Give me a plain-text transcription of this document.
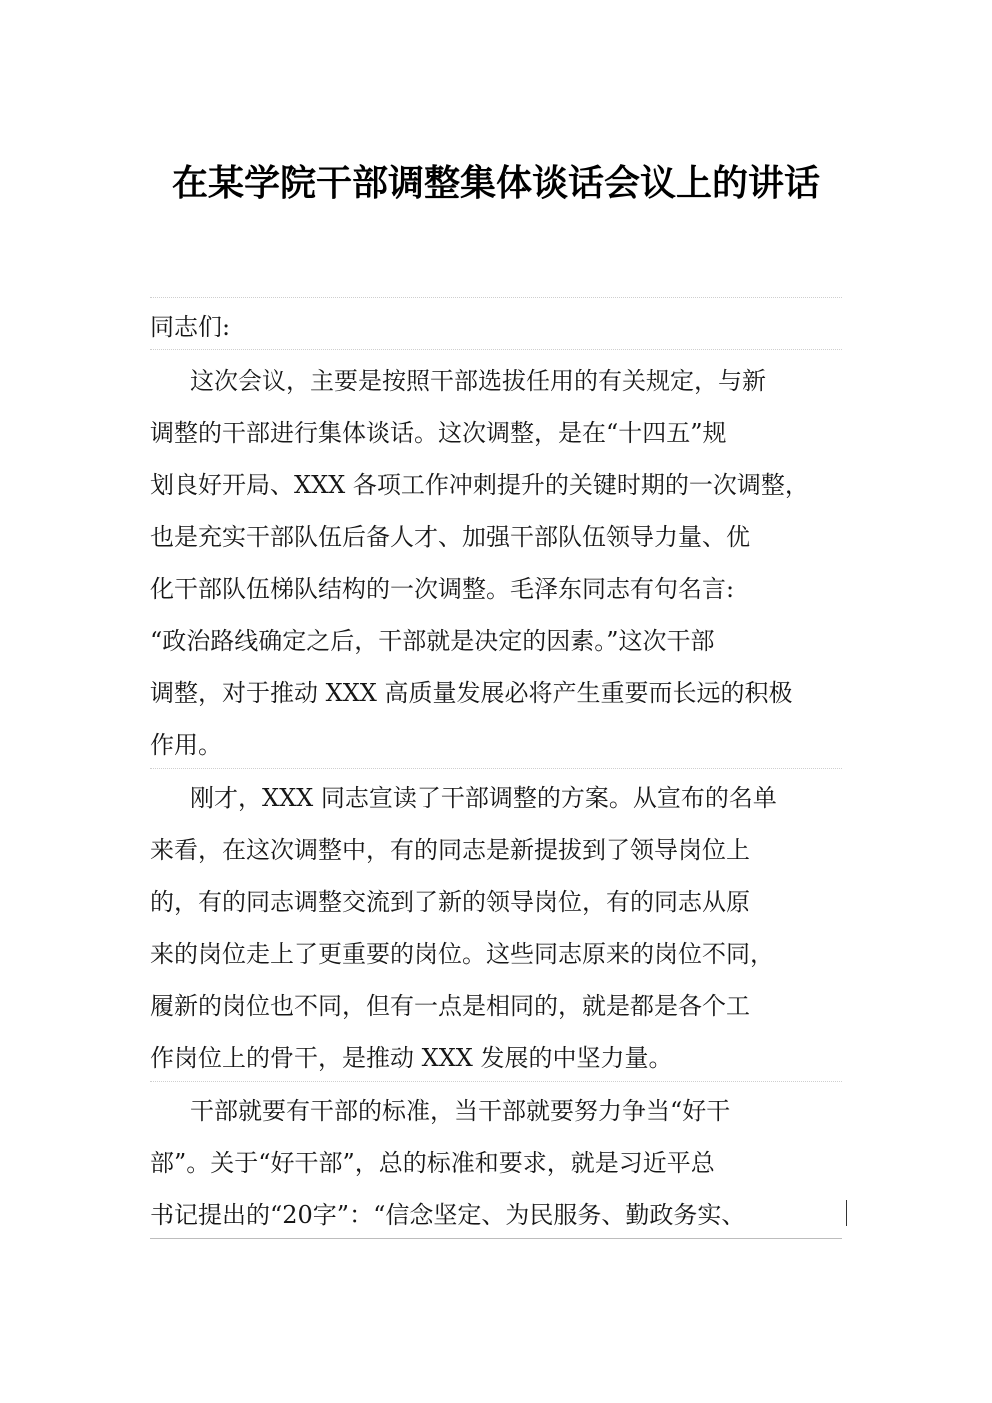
在某学院干部调整集体谈话会议上的讲话
同志们:
这次会议，主要是按照干部选拔任用的有关规定，与新
调整的干部进行集体谈话。这次调整，是在“十四五”规
划良好开局、XXX 各项工作冲刺提升的关键时期的一次调整，
也是充实干部队伍后备人才、加强干部队伍领导力量、优
化干部队伍梯队结构的一次调整。毛泽东同志有句名言:
“政治路线确定之后，干部就是决定的因素。”这次干部
调整，对于推动 XXX 高质量发展必将产生重要而长远的积极
作用。
刚才，XXX 同志宣读了干部调整的方案。从宣布的名单
来看，在这次调整中，有的同志是新提拔到了领导岗位上
的，有的同志调整交流到了新的领导岗位，有的同志从原
来的岗位走上了更重要的岗位。这些同志原来的岗位不同，
履新的岗位也不同，但有一点是相同的，就是都是各个工
作岗位上的骨干，是推动 XXX 发展的中坚力量。
干部就要有干部的标准，当干部就要努力争当“好干
部”。关于“好干部”，总的标准和要求，就是习近平总
书记提出的“20字”：“信念坚定、为民服务、勤政务实、
